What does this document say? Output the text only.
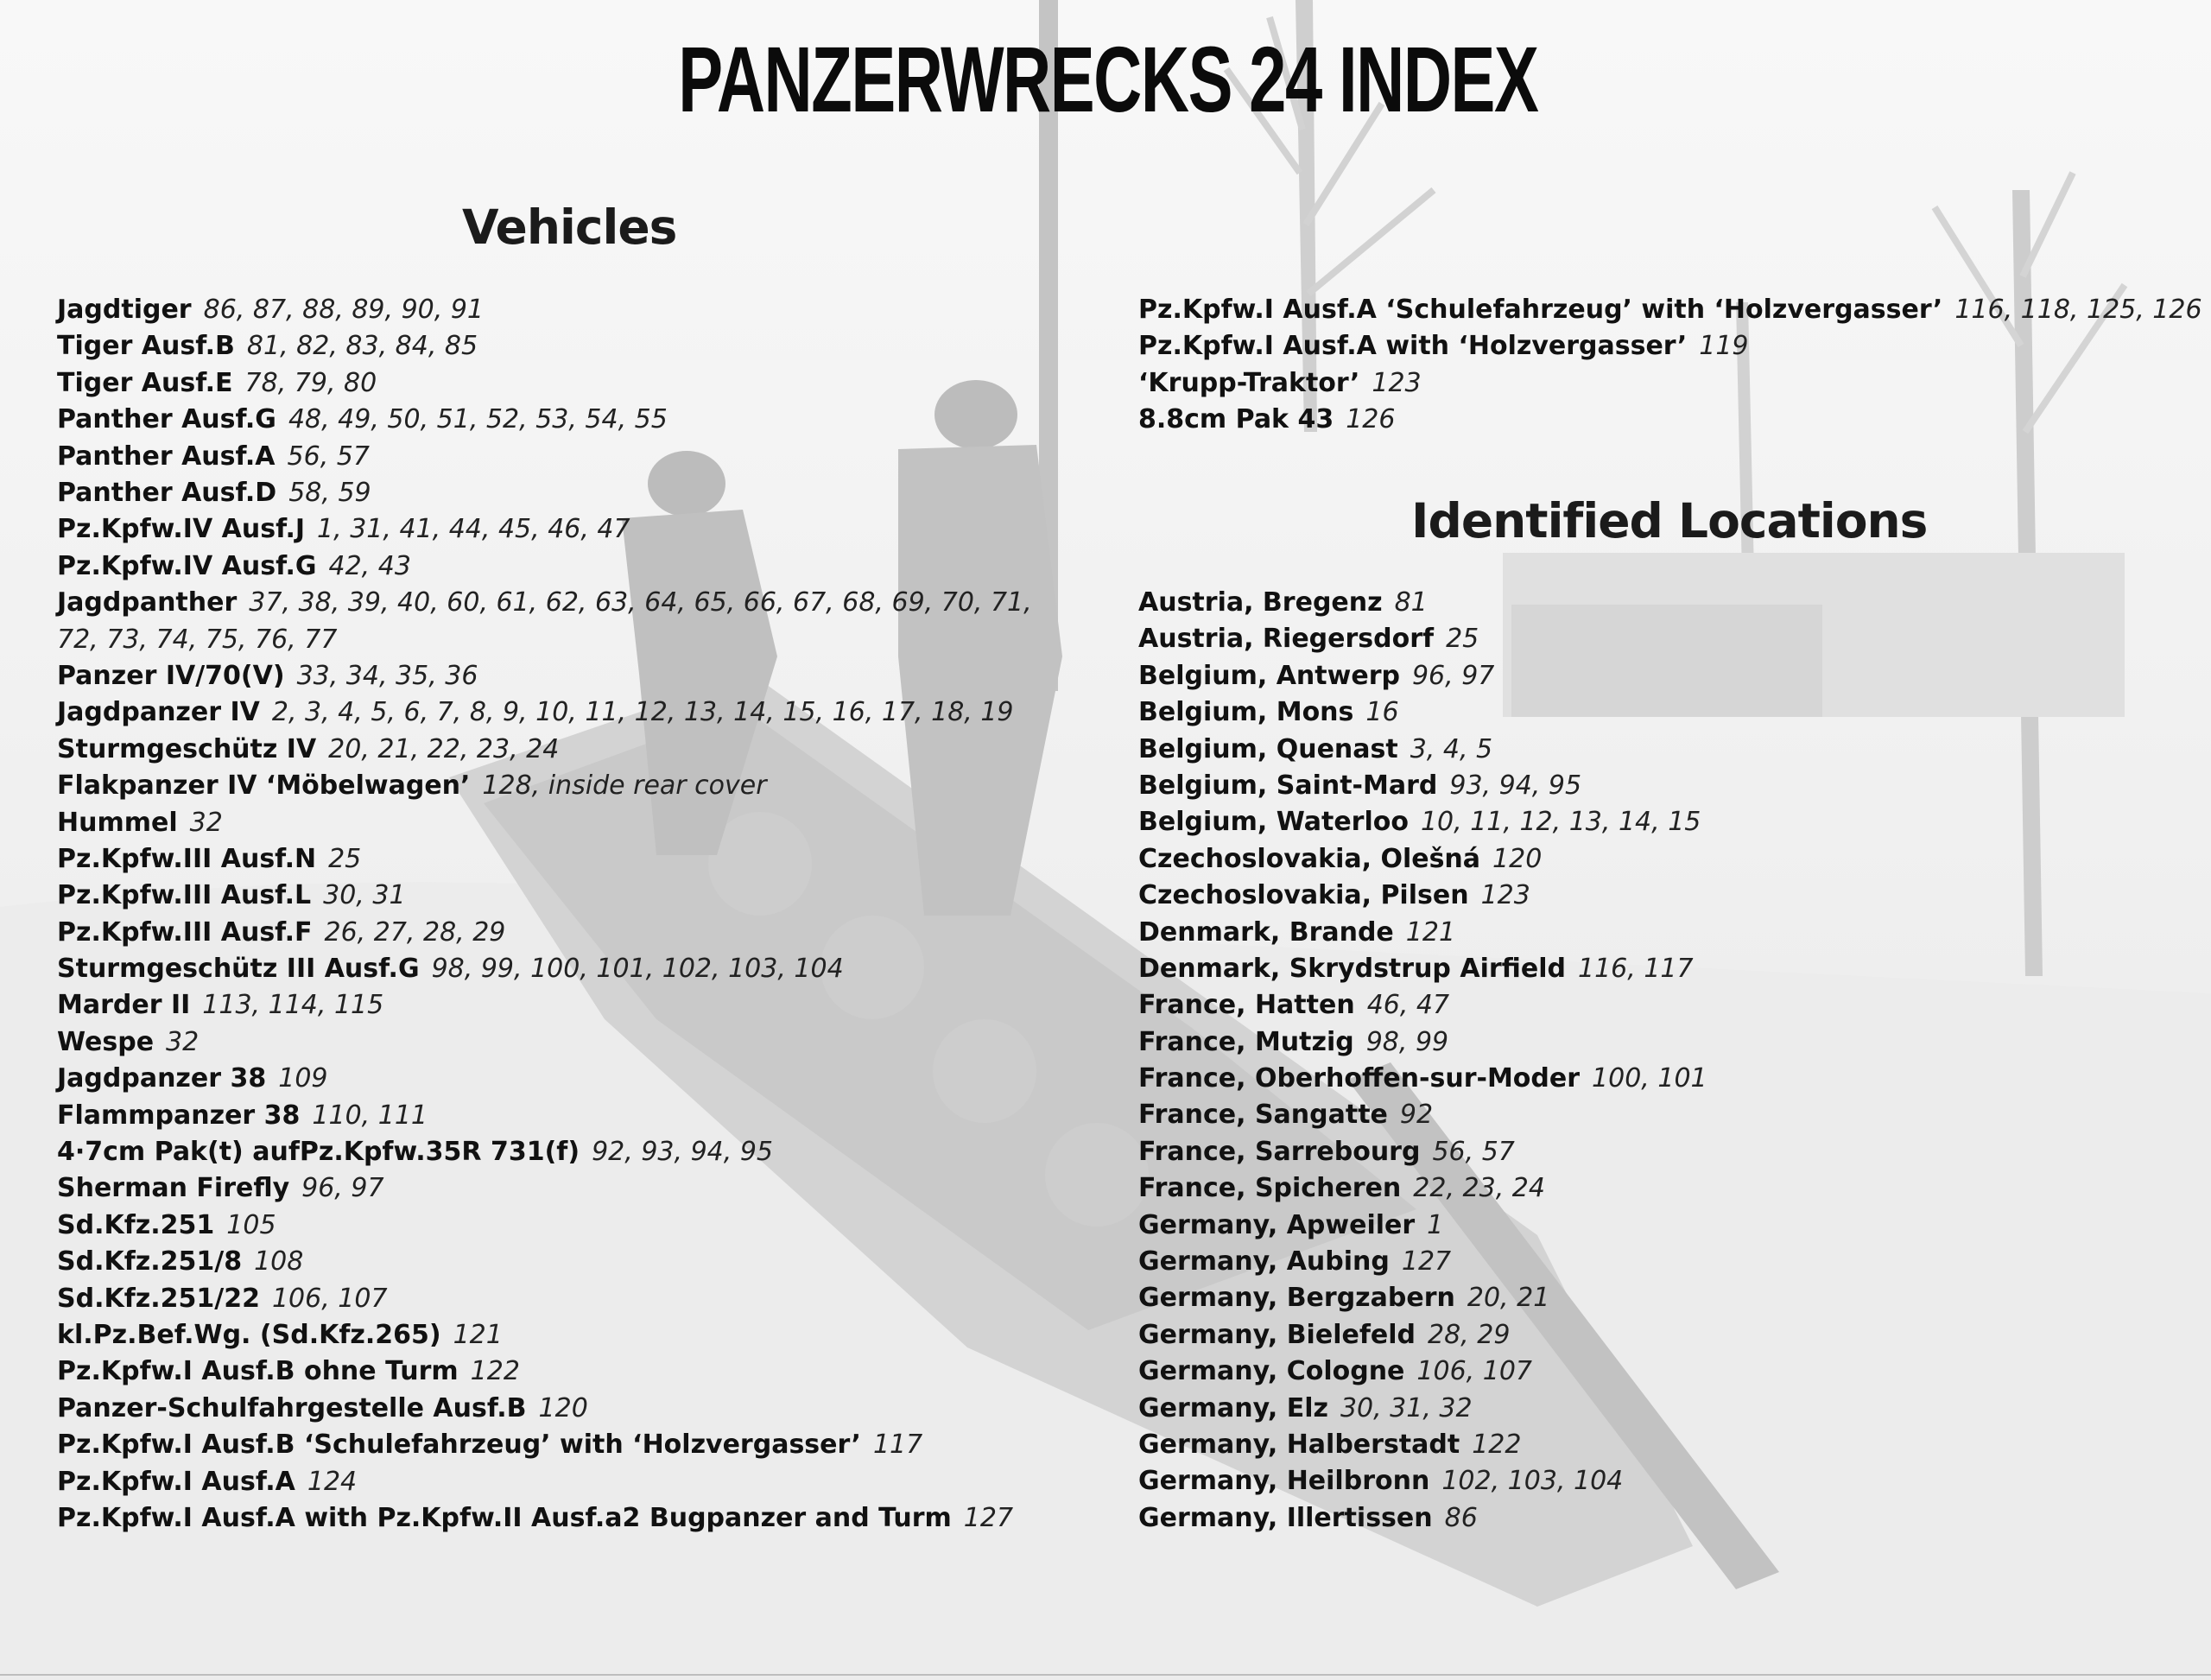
PANZERWRECKS 24 INDEX
Vehicles
Jagdtiger 86, 87, 88, 89, 90, 91
Tiger Ausf.B 81, 82, 83, 84, 85
Tiger Ausf.E 78, 79, 80
Panther Ausf.G 48, 49, 50, 51, 52, 53, 54, 55
Panther Ausf.A 56, 57
Panther Ausf.D 58, 59
Pz.Kpfw.IV Ausf.J 1, 31, 41, 44, 45, 46, 47
Pz.Kpfw.IV Ausf.G 42, 43
Jagdpanther 37, 38, 39, 40, 60, 61, 62, 63, 64, 65, 66, 67, 68, 69, 70, 71, 72, 73, 74, 75, 76, 77
Panzer IV/70(V) 33, 34, 35, 36
Jagdpanzer IV 2, 3, 4, 5, 6, 7, 8, 9, 10, 11, 12, 13, 14, 15, 16, 17, 18, 19
Sturmgeschütz IV 20, 21, 22, 23, 24
Flakpanzer IV ‘Möbelwagen’ 128, inside rear cover
Hummel 32
Pz.Kpfw.III Ausf.N 25
Pz.Kpfw.III Ausf.L 30, 31
Pz.Kpfw.III Ausf.F 26, 27, 28, 29
Sturmgeschütz III Ausf.G 98, 99, 100, 101, 102, 103, 104
Marder II 113, 114, 115
Wespe 32
Jagdpanzer 38 109
Flammpanzer 38 110, 111
4·7cm Pak(t) aufPz.Kpfw.35R 731(f) 92, 93, 94, 95
Sherman Firefly 96, 97
Sd.Kfz.251 105
Sd.Kfz.251/8 108
Sd.Kfz.251/22 106, 107
kl.Pz.Bef.Wg. (Sd.Kfz.265) 121
Pz.Kpfw.I Ausf.B ohne Turm 122
Panzer-Schulfahrgestelle Ausf.B 120
Pz.Kpfw.I Ausf.B ‘Schulefahrzeug’ with ‘Holzvergasser’ 117
Pz.Kpfw.I Ausf.A 124
Pz.Kpfw.I Ausf.A with Pz.Kpfw.II Ausf.a2 Bugpanzer and Turm 127
Pz.Kpfw.I Ausf.A ‘Schulefahrzeug’ with ‘Holzvergasser’ 116, 118, 125, 126
Pz.Kpfw.I Ausf.A with ‘Holzvergasser’ 119
‘Krupp-Traktor’ 123
8.8cm Pak 43 126
Identified Locations
Austria, Bregenz 81
Austria, Riegersdorf 25
Belgium, Antwerp 96, 97
Belgium, Mons 16
Belgium, Quenast 3, 4, 5
Belgium, Saint-Mard 93, 94, 95
Belgium, Waterloo 10, 11, 12, 13, 14, 15
Czechoslovakia, Olešná 120
Czechoslovakia, Pilsen 123
Denmark, Brande 121
Denmark, Skrydstrup Airfield 116, 117
France, Hatten 46, 47
France, Mutzig 98, 99
France, Oberhoffen-sur-Moder 100, 101
France, Sangatte 92
France, Sarrebourg 56, 57
France, Spicheren 22, 23, 24
Germany, Apweiler 1
Germany, Aubing 127
Germany, Bergzabern 20, 21
Germany, Bielefeld 28, 29
Germany, Cologne 106, 107
Germany, Elz 30, 31, 32
Germany, Halberstadt 122
Germany, Heilbronn 102, 103, 104
Germany, Illertissen 86
